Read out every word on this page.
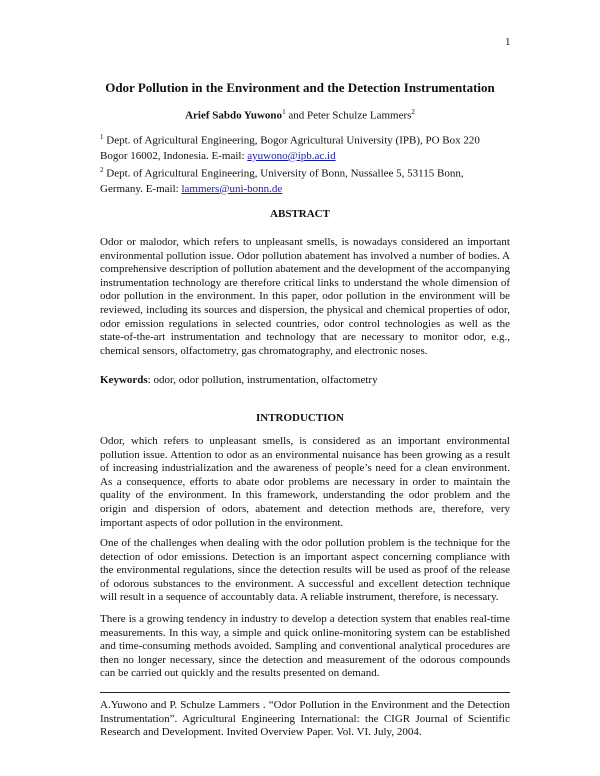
1
Odor Pollution in the Environment and the Detection Instrumentation
Arief Sabdo Yuwono$^1$ and Peter Schulze Lammers$^2$
$^1$ Dept. of Agricultural Engineering, Bogor Agricultural University (IPB), PO Box 220 Bogor 16002, Indonesia. E-mail: ayuwono@ipb.ac.id
$^2$ Dept. of Agricultural Engineering, University of Bonn, Nussallee 5, 53115 Bonn, Germany. E-mail: lammers@uni-bonn.de
ABSTRACT
Odor or malodor, which refers to unpleasant smells, is nowadays considered an important environmental pollution issue. Odor pollution abatement has involved a number of bodies. A comprehensive description of pollution abatement and the development of the accompanying instrumentation technology are therefore critical links to understand the whole dimension of odor pollution in the environment. In this paper, odor pollution in the environment will be reviewed, including its sources and dispersion, the physical and chemical properties of odor, odor emission regulations in selected countries, odor control technologies as well as the state-of-the-art instrumentation and technology that are necessary to monitor odor, e.g., chemical sensors, olfactometry, gas chromatography, and electronic noses.
Keywords: odor, odor pollution, instrumentation, olfactometry
INTRODUCTION
Odor, which refers to unpleasant smells, is considered as an important environmental pollution issue. Attention to odor as an environmental nuisance has been growing as a result of increasing industrialization and the awareness of people’s need for a clean environment. As a consequence, efforts to abate odor problems are necessary in order to maintain the quality of the environment. In this framework, understanding the odor problem and the origin and dispersion of odors, abatement and detection methods are, therefore, very important aspects of odor pollution in the environment.
One of the challenges when dealing with the odor pollution problem is the technique for the detection of odor emissions. Detection is an important aspect concerning compliance with the environmental regulations, since the detection results will be used as proof of the release of odorous substances to the environment. A successful and excellent detection technique will result in a sequence of accountably data. A reliable instrument, therefore, is necessary.
There is a growing tendency in industry to develop a detection system that enables real-time measurements. In this way, a simple and quick online-monitoring system can be established and time-consuming methods avoided. Sampling and conventional analytical procedures are then no longer necessary, since the detection and measurement of the odorous compounds can be carried out quickly and the results presented on demand.
A.Yuwono and P. Schulze Lammers . “Odor Pollution in the Environment and the Detection Instrumentation”. Agricultural Engineering International: the CIGR Journal of Scientific Research and Development. Invited Overview Paper. Vol. VI. July, 2004.
